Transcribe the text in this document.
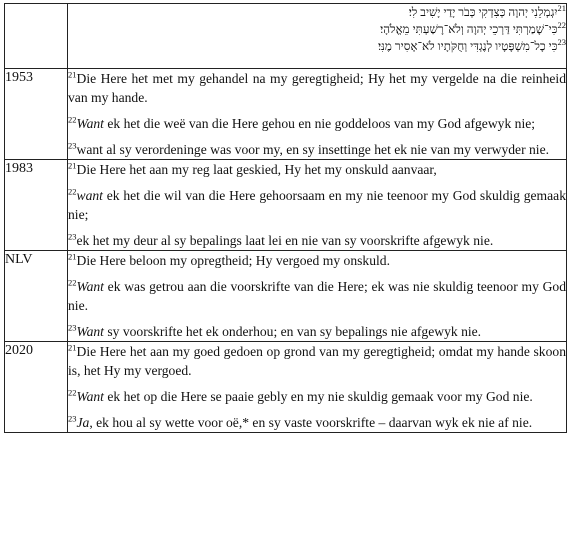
	$^{21}$יִגְמְלֵנִי יְהוָה כְּצִדְקִי כְּבֹר יָדַי יָשִׁיב לִי׃
$^{22}$כִּי־שָׁמַרְתִּי דַּרְכֵי יְהוָה וְלֹא־רָשַׁעְתִּי מֵאֱלֹהָי׃
$^{23}$כִּי כָל־מִשְׁפָּטָיו לְנֶגְדִּי וְחֻקֹּתָיו לֹא־אָסִיר מֶנִּי׃

1953	$^{21}$Die Here het met my gehandel na my geregtigheid; Hy het my vergelde na die reinheid van my hande.

$^{22}$Want ek het die weë van die Here gehou en nie goddeloos van my God afgewyk nie;

$^{23}$want al sy verordeninge was voor my, en sy insettinge het ek nie van my verwyder nie.

1983	$^{21}$Die Here het aan my reg laat geskied, Hy het my onskuld aanvaar,

$^{22}$want ek het die wil van die Here gehoorsaam en my nie teenoor my God skuldig gemaak nie;

$^{23}$ek het my deur al sy bepalings laat lei en nie van sy voorskrifte afgewyk nie.

NLV	$^{21}$Die Here beloon my opregtheid; Hy vergoed my onskuld.

$^{22}$Want ek was getrou aan die voorskrifte van die Here; ek was nie skuldig teenoor my God nie.

$^{23}$Want sy voorskrifte het ek onderhou; en van sy bepalings nie afgewyk nie.

2020	$^{21}$Die Here het aan my goed gedoen op grond van my geregtigheid; omdat my hande skoon is, het Hy my vergoed.

$^{22}$Want ek het op die Here se paaie gebly en my nie skuldig gemaak voor my God nie.

$^{23}$Ja, ek hou al sy wette voor oë,* en sy vaste voorskrifte – daarvan wyk ek nie af nie.
